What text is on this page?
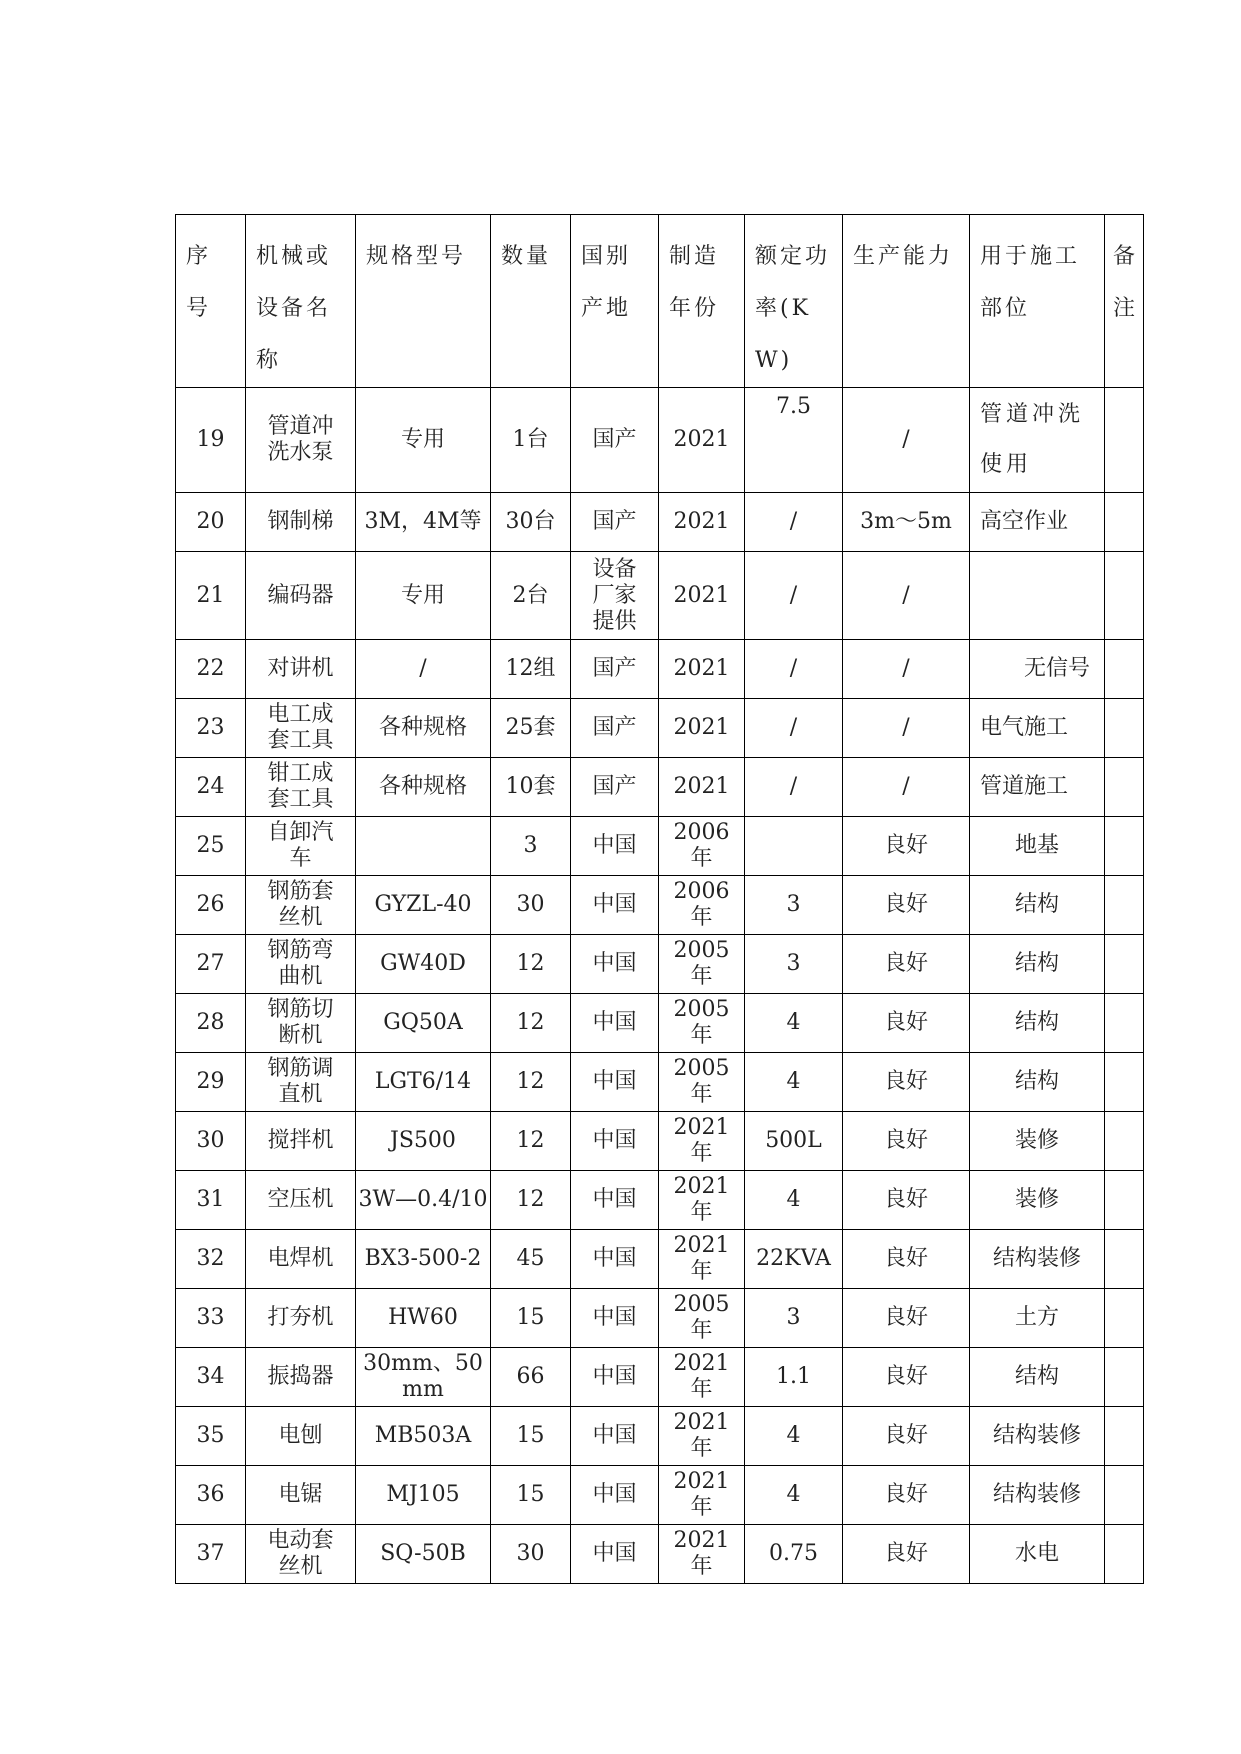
序号	机械或设备名称	规格型号	数量	国别产地	制造年份	额定功率(KW)	生产能力	用于施工部位	备注
19	管道冲洗水泵	专用	1台	国产	2021	7.5	/	管道冲洗使用	
20	钢制梯	3M，4M等	30台	国产	2021	/	3m～5m	高空作业	
21	编码器	专用	2台	设备厂家提供	2021	/	/		
22	对讲机	/	12组	国产	2021	/	/	无信号	
23	电工成套工具	各种规格	25套	国产	2021	/	/	电气施工	
24	钳工成套工具	各种规格	10套	国产	2021	/	/	管道施工	
25	自卸汽车		3	中国	2006年		良好	地基	
26	钢筋套丝机	GYZL-40	30	中国	2006年	3	良好	结构	
27	钢筋弯曲机	GW40D	12	中国	2005年	3	良好	结构	
28	钢筋切断机	GQ50A	12	中国	2005年	4	良好	结构	
29	钢筋调直机	LGT6/14	12	中国	2005年	4	良好	结构	
30	搅拌机	JS500	12	中国	2021年	500L	良好	装修	
31	空压机	3W—0.4/10	12	中国	2021年	4	良好	装修	
32	电焊机	BX3-500-2	45	中国	2021年	22KVA	良好	结构装修	
33	打夯机	HW60	15	中国	2005年	3	良好	土方	
34	振捣器	30mm、50mm	66	中国	2021年	1.1	良好	结构	
35	电刨	MB503A	15	中国	2021年	4	良好	结构装修	
36	电锯	MJ105	15	中国	2021年	4	良好	结构装修	
37	电动套丝机	SQ-50B	30	中国	2021年	0.75	良好	水电	
